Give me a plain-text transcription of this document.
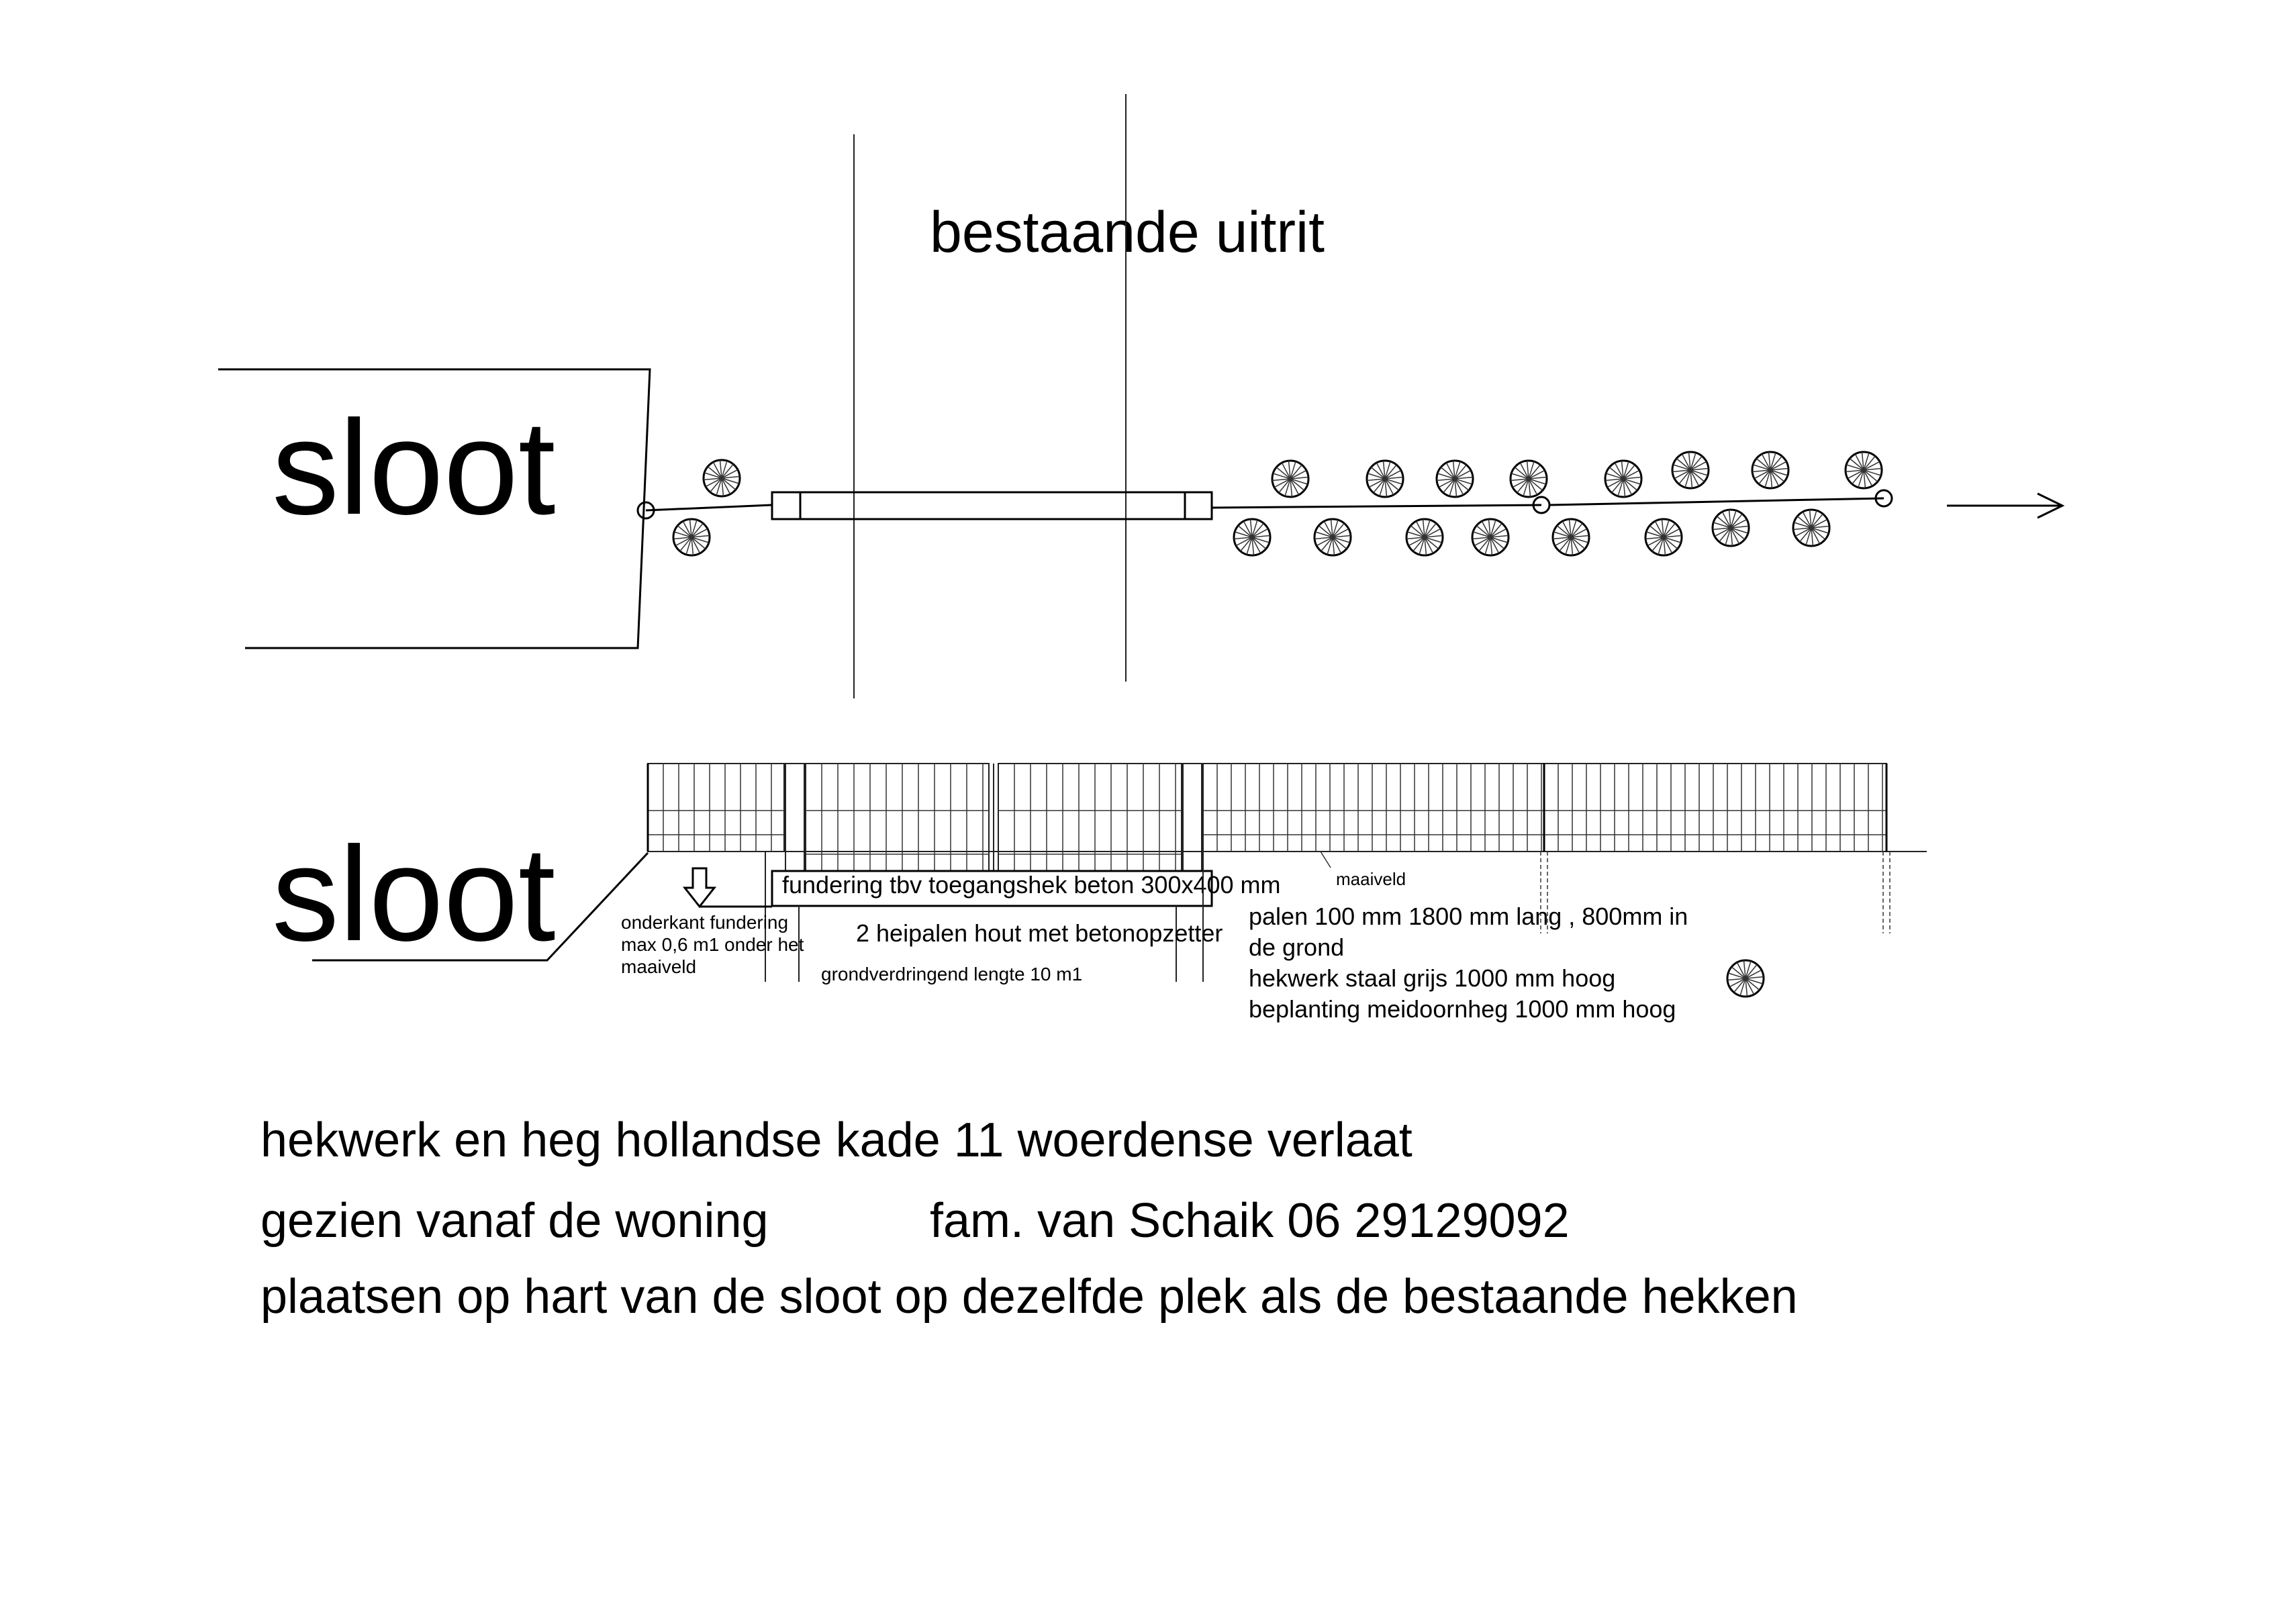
bestaande uitrit
sloot
sloot	fundering tbv toegangshek beton 300x400 mm
2 heipalen hout met betonopzetter
grondverdringend lengte 10 m1
onderkant fundering
max 0,6 m1 onder het
maaiveld
maaiveld
palen 100 mm 1800 mm lang , 800mm in
de grond
hekwerk staal grijs 1000 mm hoog
beplanting meidoornheg 1000 mm hoog
hekwerk en heg hollandse kade 11 woerdense verlaat
gezien vanaf de woning	fam. van Schaik 06 29129092
plaatsen op hart van de sloot op dezelfde plek als de bestaande hekken
